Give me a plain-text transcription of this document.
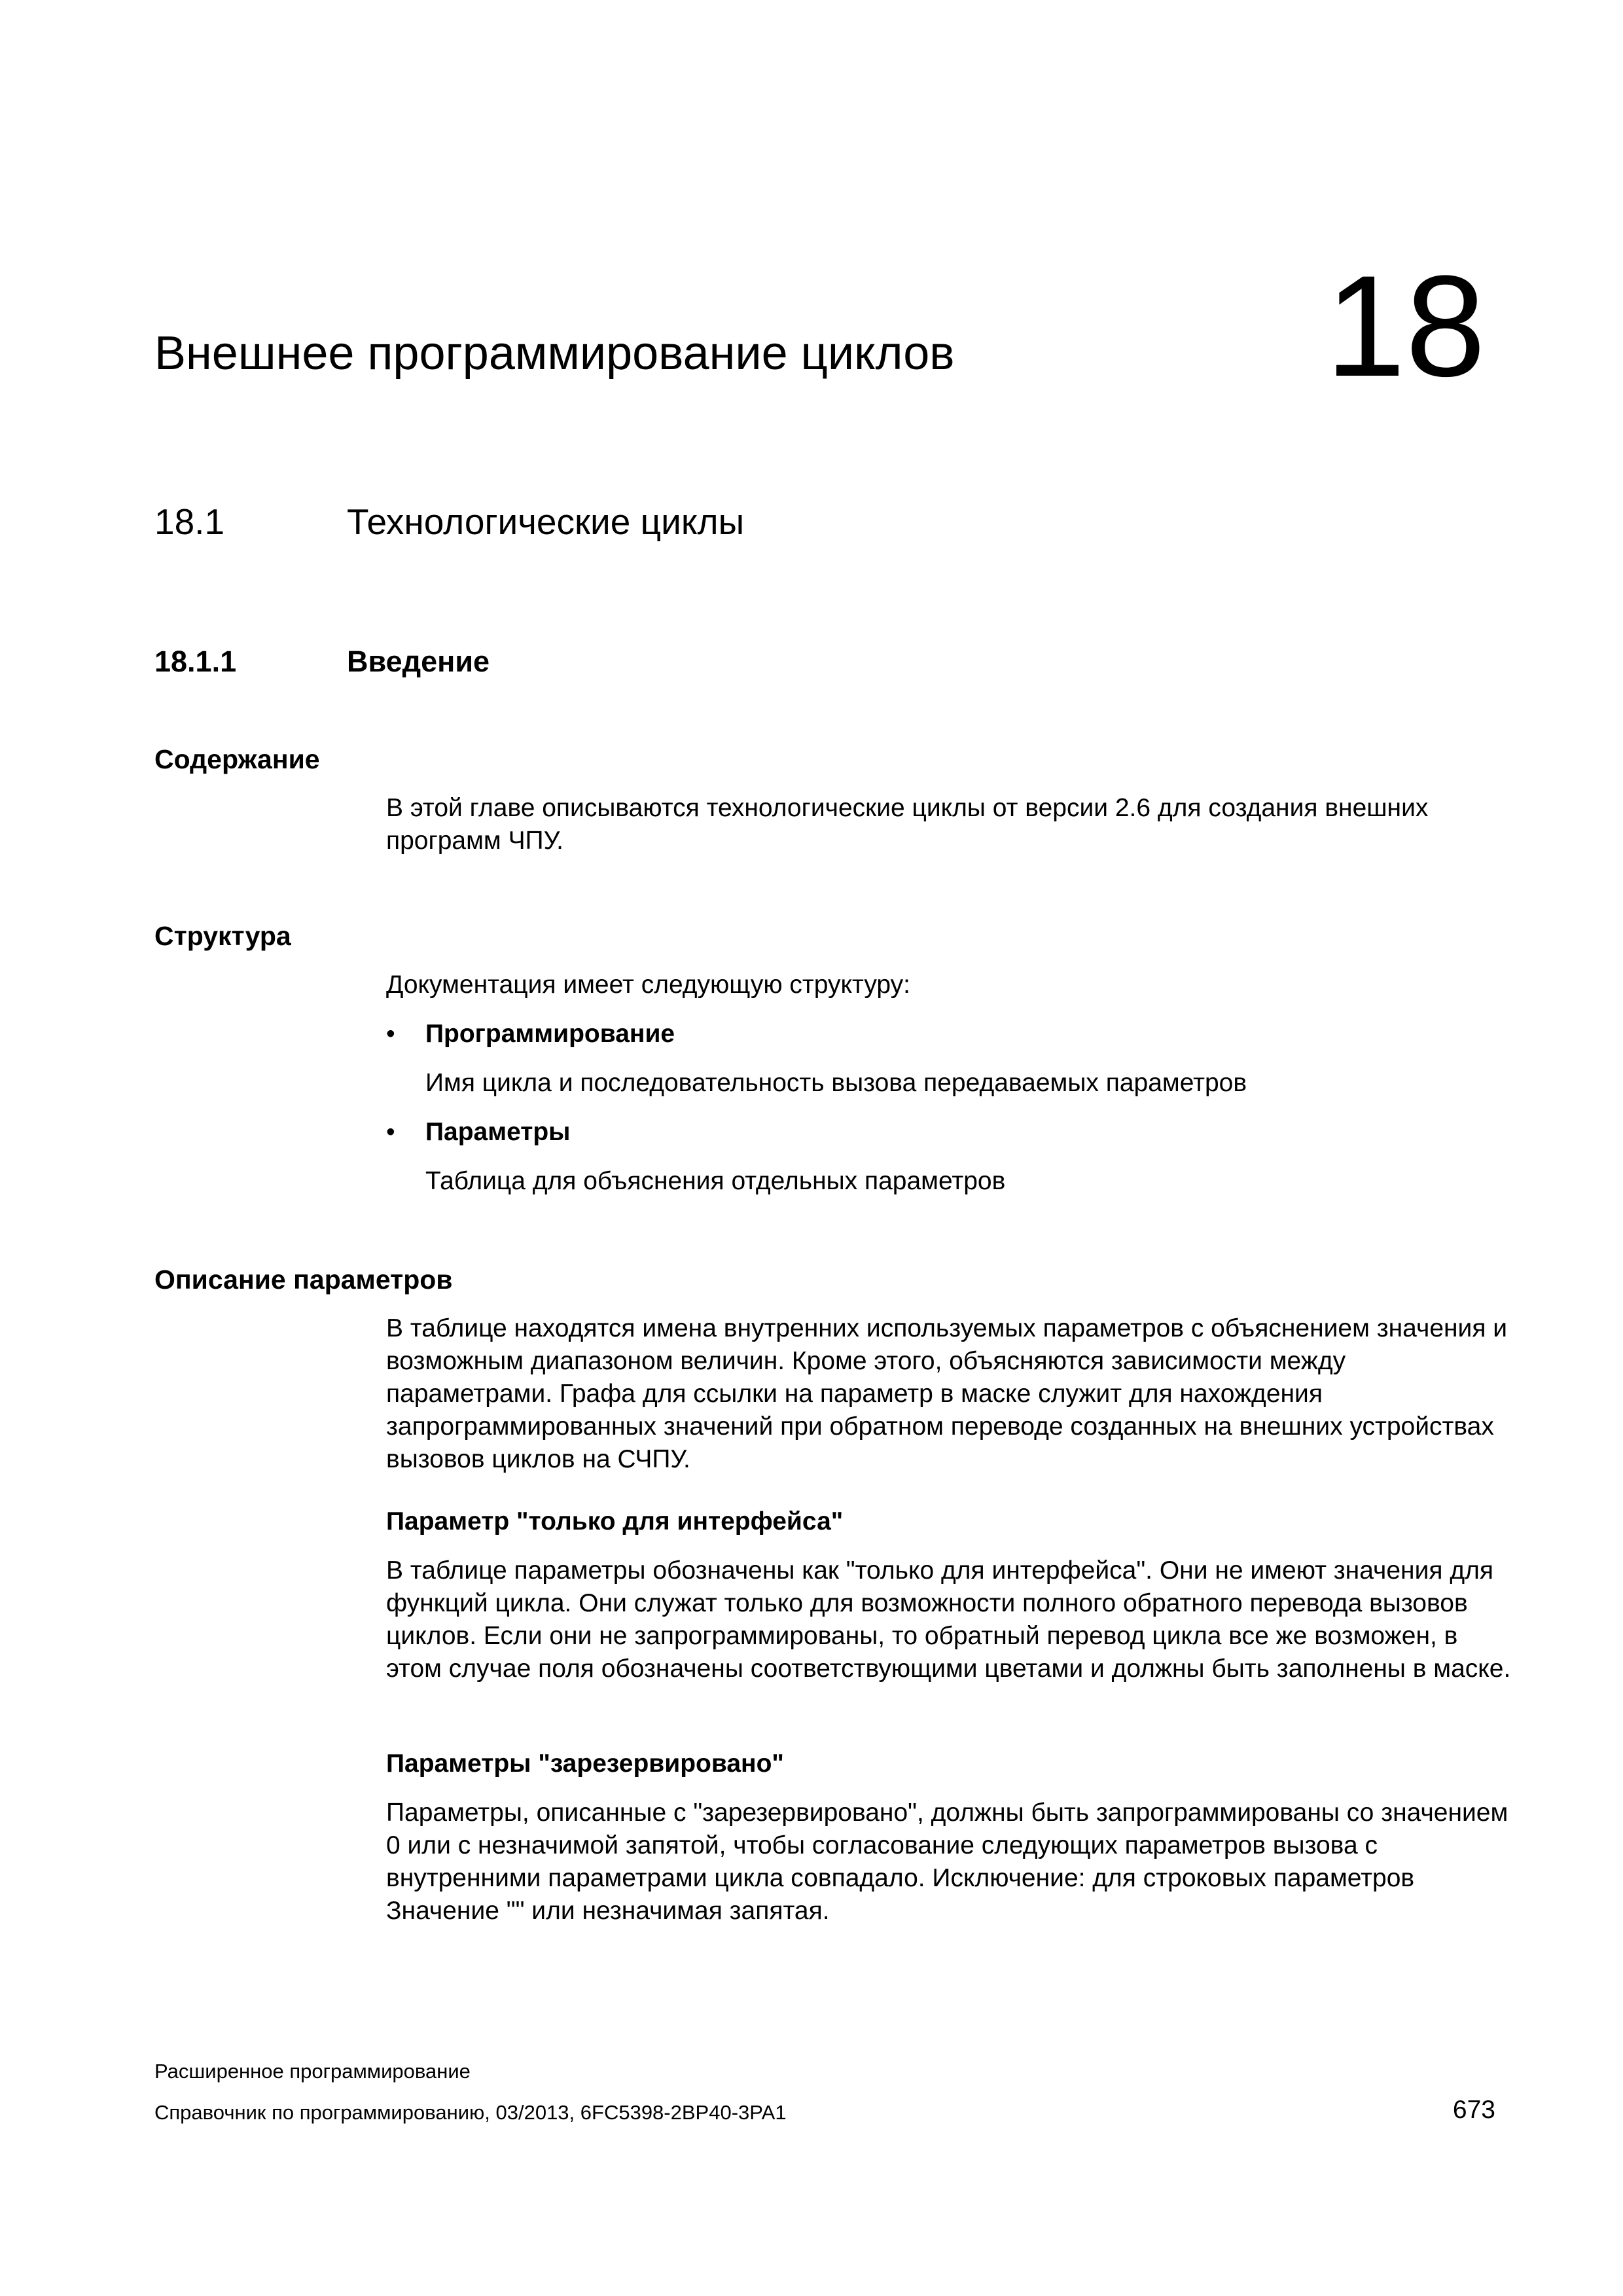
Внешнее программирование циклов	18
18.1	Технологические циклы
18.1.1	Введение
Содержание
В этой главе описываются технологические циклы от версии 2.6 для создания внешних программ ЧПУ.
Структура
Документация имеет следующую структуру:
•	Программирование
Имя цикла и последовательность вызова передаваемых параметров
•	Параметры
Таблица для объяснения отдельных параметров
Описание параметров
В таблице находятся имена внутренних используемых параметров с объяснением значения и возможным диапазоном величин. Кроме этого, объясняются зависимости между параметрами. Графа для ссылки на параметр в маске служит для нахождения запрограммированных значений при обратном переводе созданных на внешних устройствах вызовов циклов на СЧПУ.
Параметр "только для интерфейса"
В таблице параметры обозначены как "только для интерфейса". Они не имеют значения для функций цикла. Они служат только для возможности полного обратного перевода вызовов циклов. Если они не запрограммированы, то обратный перевод цикла все же возможен, в этом случае поля обозначены соответствующими цветами и должны быть заполнены в маске.
Параметры "зарезервировано"
Параметры, описанные с "зарезервировано", должны быть запрограммированы со значением 0 или с незначимой запятой, чтобы согласование следующих параметров вызова с внутренними параметрами цикла совпадало. Исключение: для строковых параметров Значение "" или незначимая запятая.
Расширенное программирование
Справочник по программированию, 03/2013, 6FC5398-2BP40-3PA1	673
